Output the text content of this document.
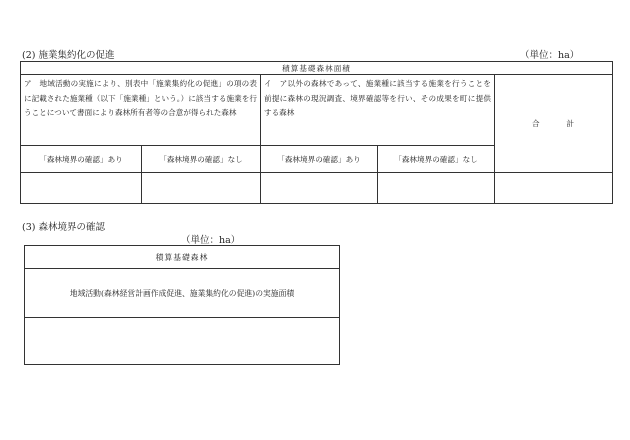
(2) 施業集約化の促進	（単位：ha）
積算基礎森林面積				
ア　地域活動の実施により、別表中「施業集約化の促進」の項の表に記載された施業種（以下「施業種」という。）に該当する施業を行うことについて書面により森林所有者等の合意が得られた森林		イ　ア以外の森林であって、施業種に該当する施業を行うことを前提に森林の現況調査、境界確認等を行い、その成果を町に提供する森林		合　　　計
「森林境界の確認」あり	「森林境界の確認」なし	「森林境界の確認」あり	「森林境界の確認」なし	

(3) 森林境界の確認
（単位：ha）
積算基礎森林
地域活動(森林経営計画作成促進、施業集約化の促進)の実施面積
